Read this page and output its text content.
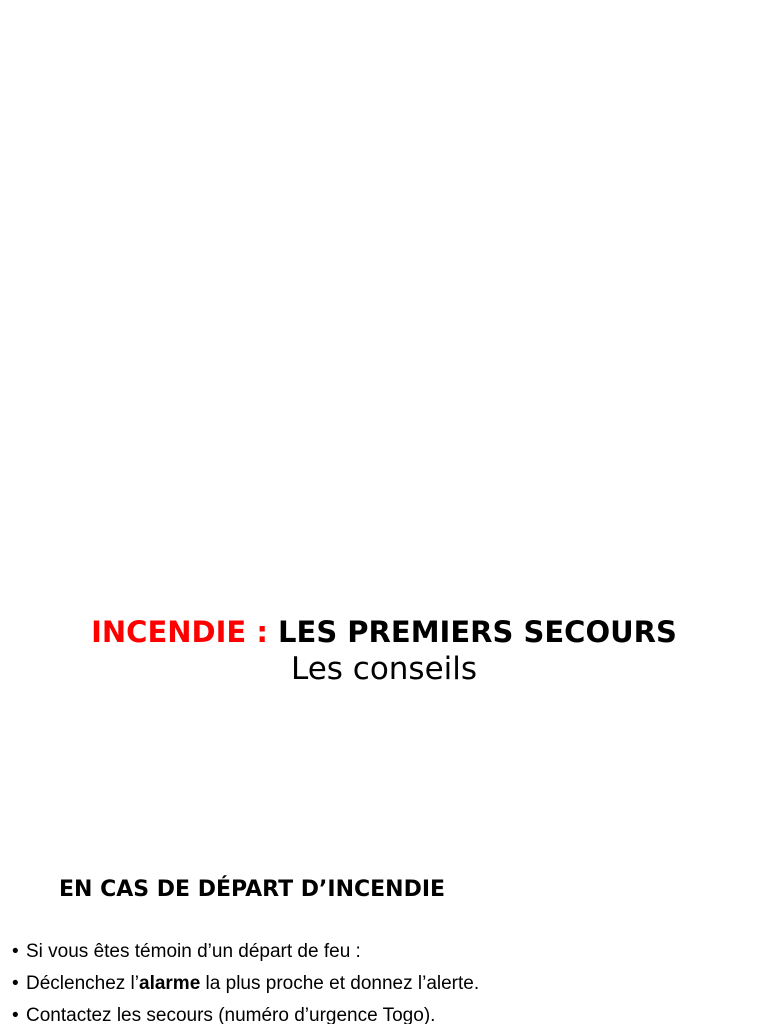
INCENDIE : LES PREMIERS SECOURS
Les conseils
EN CAS DE DÉPART D’INCENDIE
• Si vous êtes témoin d’un départ de feu :
• Déclenchez l’alarme la plus proche et donnez l’alerte.
• Contactez les secours (numéro d’urgence Togo).
